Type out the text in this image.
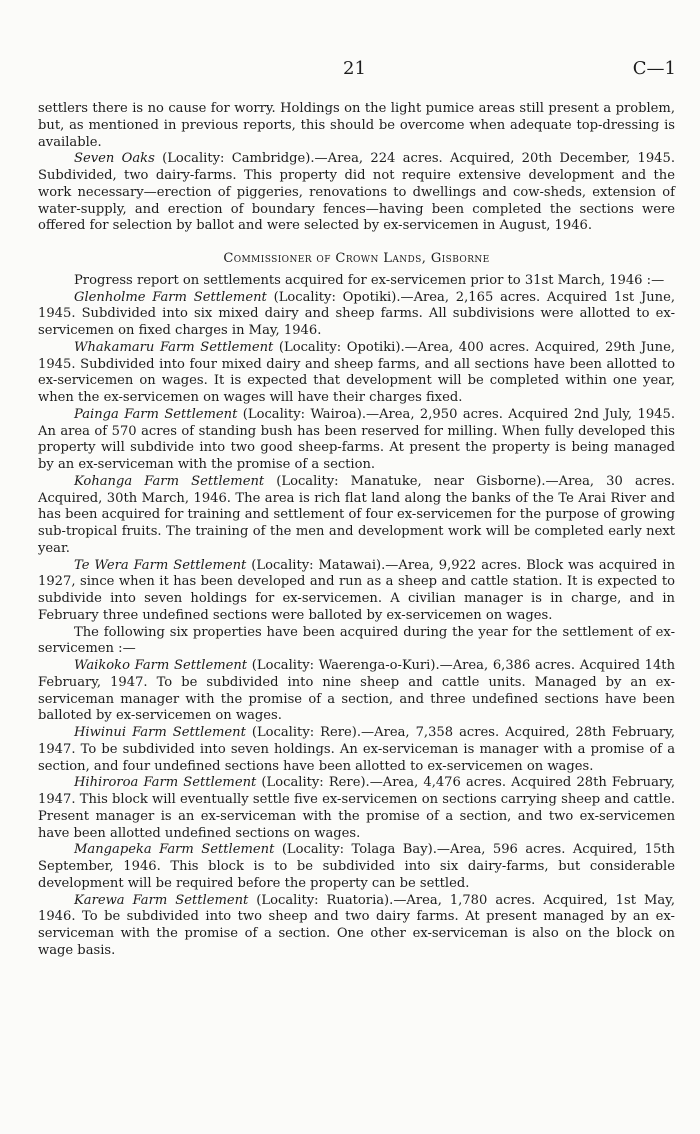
21	C—1

settlers there is no cause for worry. Holdings on the light pumice areas still present a problem, but, as mentioned in previous reports, this should be overcome when adequate top-dressing is available.

Seven Oaks (Locality: Cambridge).—Area, 224 acres. Acquired, 20th December, 1945. Subdivided, two dairy-farms. This property did not require extensive development and the work necessary—erection of piggeries, renovations to dwellings and cow-sheds, extension of water-supply, and erection of boundary fences—having been completed the sections were offered for selection by ballot and were selected by ex-servicemen in August, 1946.

Commissioner of Crown Lands, Gisborne

Progress report on settlements acquired for ex-servicemen prior to 31st March, 1946 :—

Glenholme Farm Settlement (Locality: Opotiki).—Area, 2,165 acres. Acquired 1st June, 1945. Subdivided into six mixed dairy and sheep farms. All subdivisions were allotted to ex-servicemen on fixed charges in May, 1946.

Whakamaru Farm Settlement (Locality: Opotiki).—Area, 400 acres. Acquired, 29th June, 1945. Subdivided into four mixed dairy and sheep farms, and all sections have been allotted to ex-servicemen on wages. It is expected that development will be completed within one year, when the ex-servicemen on wages will have their charges fixed.

Painga Farm Settlement (Locality: Wairoa).—Area, 2,950 acres. Acquired 2nd July, 1945. An area of 570 acres of standing bush has been reserved for milling. When fully developed this property will subdivide into two good sheep-farms. At present the property is being managed by an ex-serviceman with the promise of a section.

Kohanga Farm Settlement (Locality: Manatuke, near Gisborne).—Area, 30 acres. Acquired, 30th March, 1946. The area is rich flat land along the banks of the Te Arai River and has been acquired for training and settlement of four ex-servicemen for the purpose of growing sub-tropical fruits. The training of the men and development work will be completed early next year.

Te Wera Farm Settlement (Locality: Matawai).—Area, 9,922 acres. Block was acquired in 1927, since when it has been developed and run as a sheep and cattle station. It is expected to subdivide into seven holdings for ex-servicemen. A civilian manager is in charge, and in February three undefined sections were balloted by ex-servicemen on wages.

The following six properties have been acquired during the year for the settlement of ex-servicemen :—

Waikoko Farm Settlement (Locality: Waerenga-o-Kuri).—Area, 6,386 acres. Acquired 14th February, 1947. To be subdivided into nine sheep and cattle units. Managed by an ex-serviceman manager with the promise of a section, and three undefined sections have been balloted by ex-servicemen on wages.

Hiwinui Farm Settlement (Locality: Rere).—Area, 7,358 acres. Acquired, 28th February, 1947. To be subdivided into seven holdings. An ex-serviceman is manager with a promise of a section, and four undefined sections have been allotted to ex-servicemen on wages.

Hihiroroa Farm Settlement (Locality: Rere).—Area, 4,476 acres. Acquired 28th February, 1947. This block will eventually settle five ex-servicemen on sections carrying sheep and cattle. Present manager is an ex-serviceman with the promise of a section, and two ex-servicemen have been allotted undefined sections on wages.

Mangapeka Farm Settlement (Locality: Tolaga Bay).—Area, 596 acres. Acquired, 15th September, 1946. This block is to be subdivided into six dairy-farms, but considerable development will be required before the property can be settled.

Karewa Farm Settlement (Locality: Ruatoria).—Area, 1,780 acres. Acquired, 1st May, 1946. To be subdivided into two sheep and two dairy farms. At present managed by an ex-serviceman with the promise of a section. One other ex-serviceman is also on the block on wage basis.
